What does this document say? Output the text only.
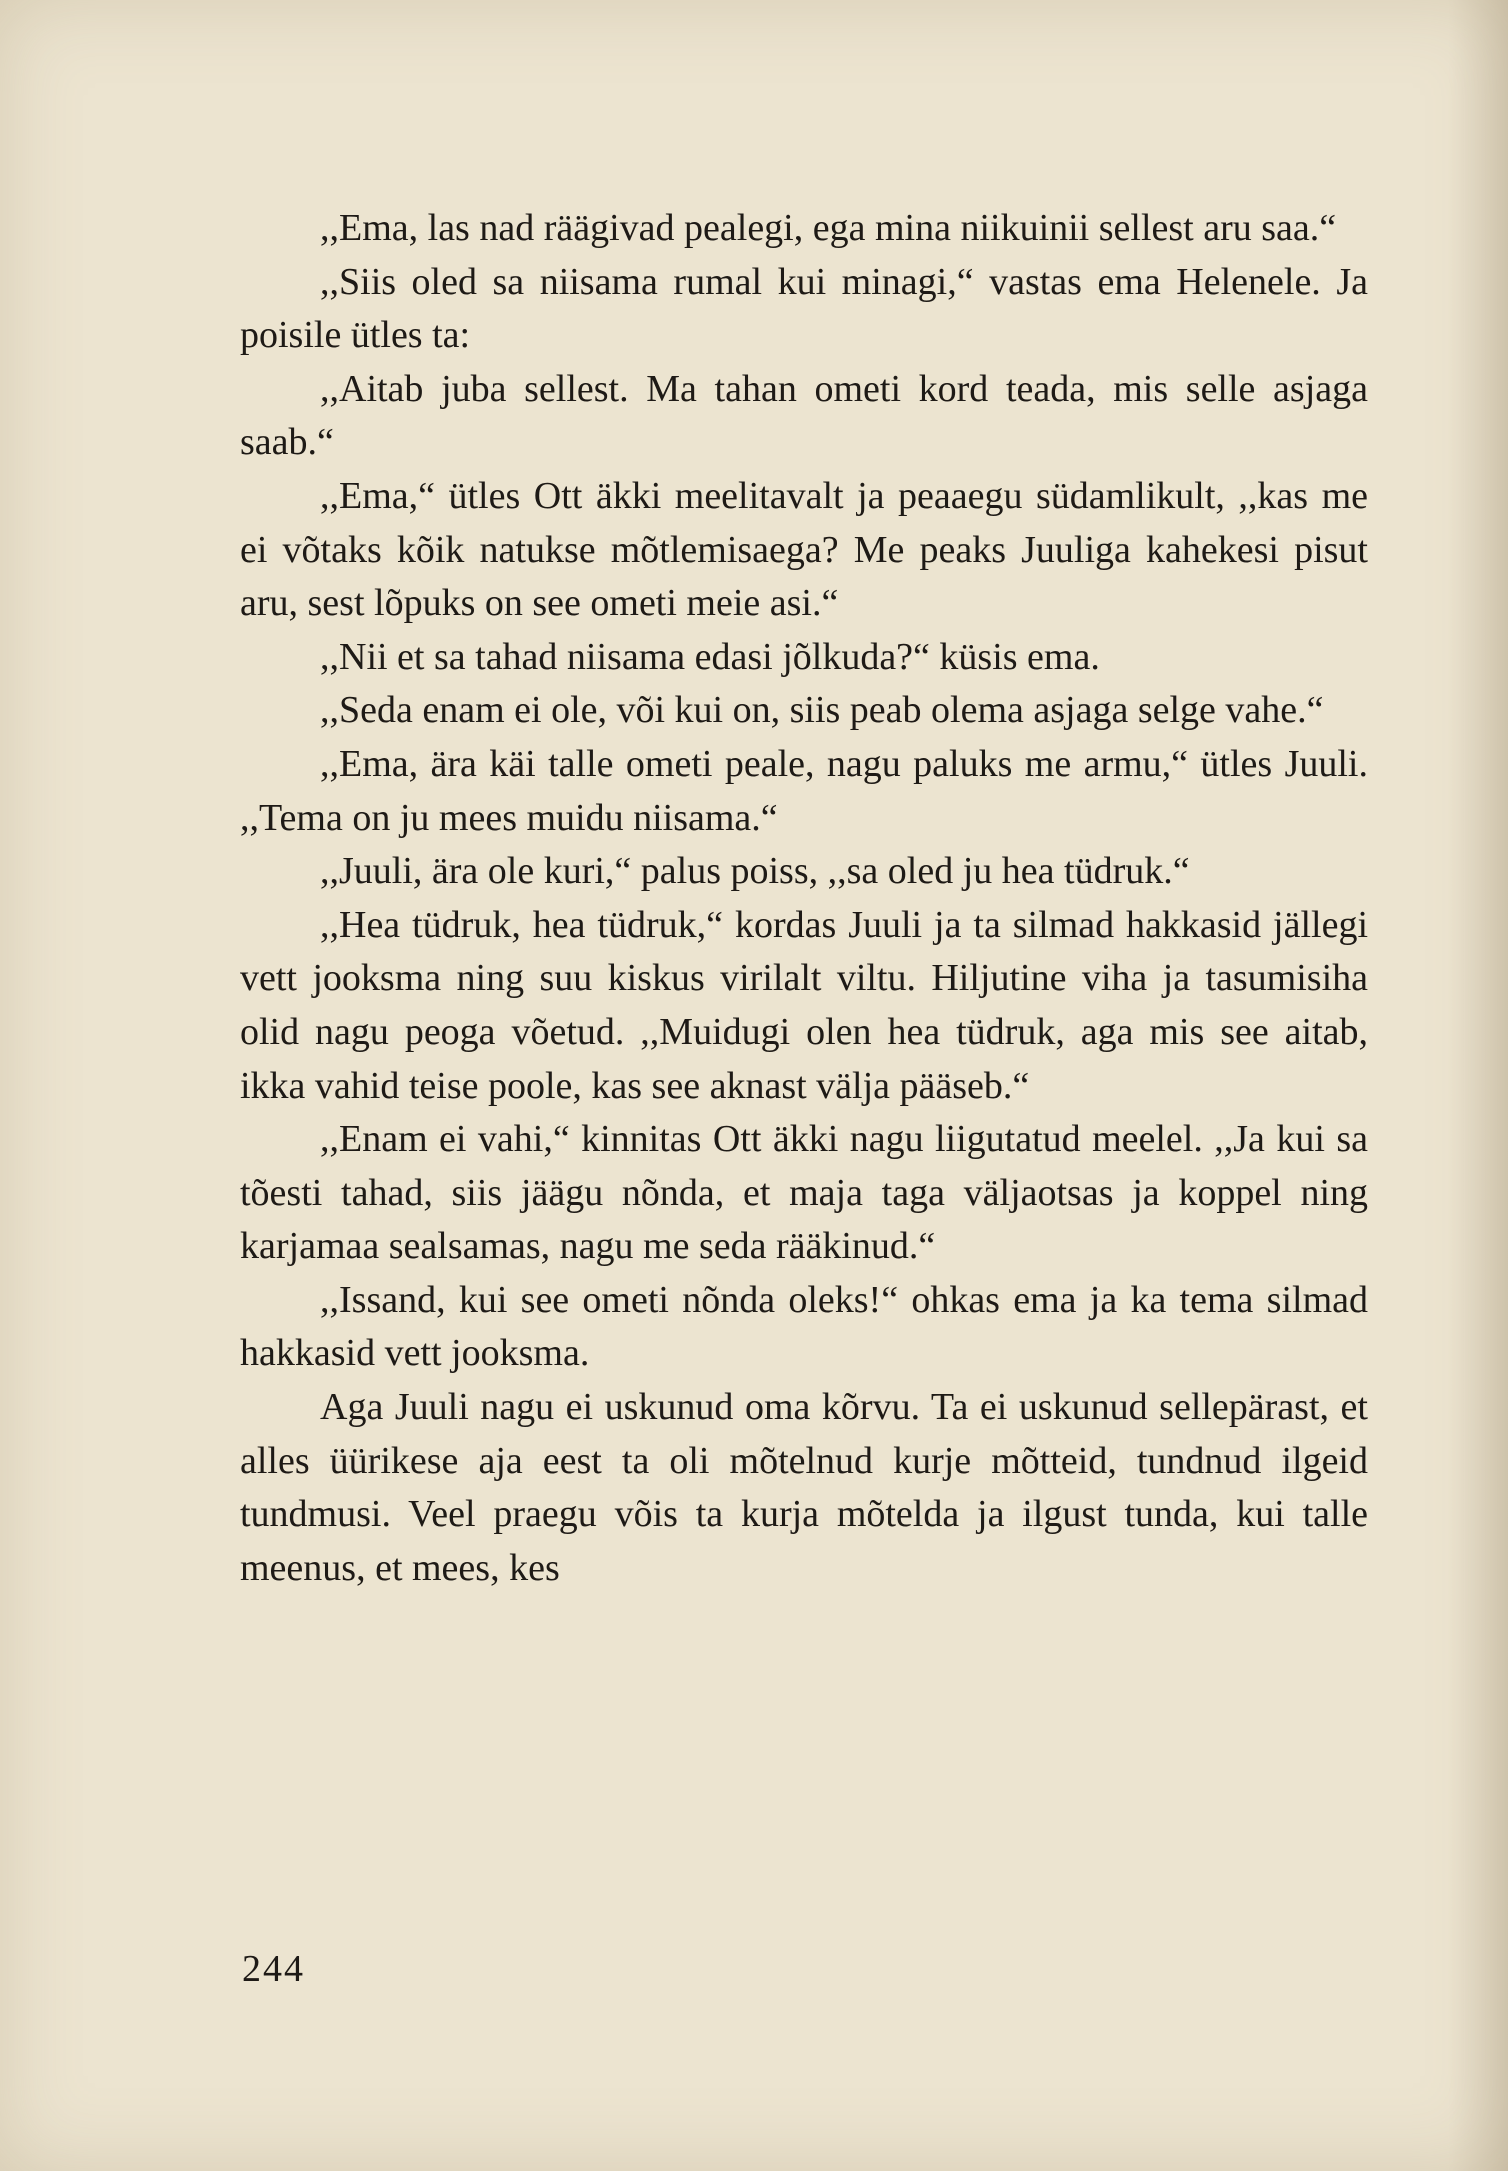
,,Ema, las nad räägivad pealegi, ega mina niikuinii sellest aru saa.“

,,Siis oled sa niisama rumal kui minagi,“ vastas ema Helenele. Ja poisile ütles ta:

,,Aitab juba sellest. Ma tahan ometi kord teada, mis selle asjaga saab.“

,,Ema,“ ütles Ott äkki meelitavalt ja peaaegu südamlikult, ,,kas me ei võtaks kõik natukse mõtlemisaega? Me peaks Juuliga kahekesi pisut aru, sest lõpuks on see ometi meie asi.“

,,Nii et sa tahad niisama edasi jõlkuda?“ küsis ema.

,,Seda enam ei ole, või kui on, siis peab olema asjaga selge vahe.“

,,Ema, ära käi talle ometi peale, nagu paluks me armu,“ ütles Juuli. ,,Tema on ju mees muidu niisama.“

,,Juuli, ära ole kuri,“ palus poiss, ,,sa oled ju hea tüdruk.“

,,Hea tüdruk, hea tüdruk,“ kordas Juuli ja ta silmad hakkasid jällegi vett jooksma ning suu kiskus virilalt viltu. Hiljutine viha ja tasumisiha olid nagu peoga võetud. ,,Muidugi olen hea tüdruk, aga mis see aitab, ikka vahid teise poole, kas see aknast välja pääseb.“

,,Enam ei vahi,“ kinnitas Ott äkki nagu liigutatud meelel. ,,Ja kui sa tõesti tahad, siis jäägu nõnda, et maja taga väljaotsas ja koppel ning karjamaa sealsamas, nagu me seda rääkinud.“

,,Issand, kui see ometi nõnda oleks!“ ohkas ema ja ka tema silmad hakkasid vett jooksma.

Aga Juuli nagu ei uskunud oma kõrvu. Ta ei uskunud sellepärast, et alles üürikese aja eest ta oli mõtelnud kurje mõtteid, tundnud ilgeid tundmusi. Veel praegu võis ta kurja mõtelda ja ilgust tunda, kui talle meenus, et mees, kes

244
